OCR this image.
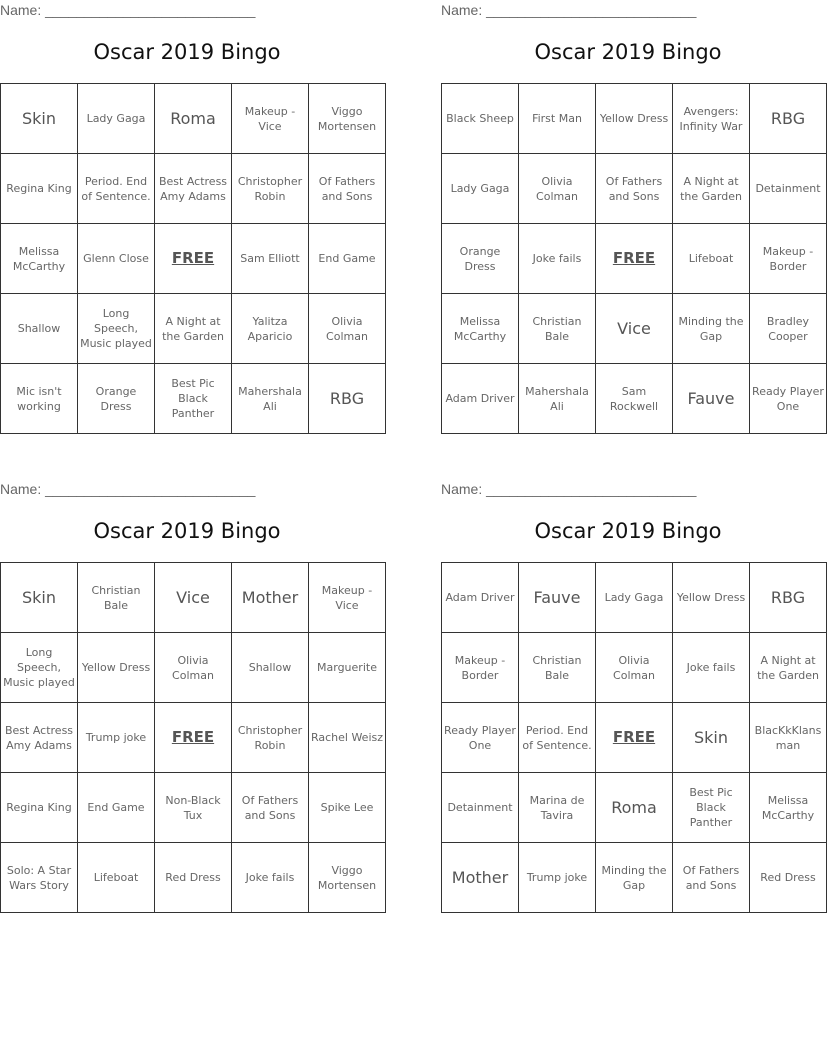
Name: ___________________________
Oscar 2019 Bingo
Skin	Lady Gaga	Roma	Makeup - Vice	Viggo Mortensen
Regina King	Period. End of Sentence.	Best Actress Amy Adams	Christopher Robin	Of Fathers and Sons
Melissa McCarthy	Glenn Close	FREE	Sam Elliott	End Game
Shallow	Long Speech, Music played	A Night at the Garden	Yalitza Aparicio	Olivia Colman
Mic isn't working	Orange Dress	Best Pic Black Panther	Mahershala Ali	RBG
Name: ___________________________
Oscar 2019 Bingo
Black Sheep	First Man	Yellow Dress	Avengers: Infinity War	RBG
Lady Gaga	Olivia Colman	Of Fathers and Sons	A Night at the Garden	Detainment
Orange Dress	Joke fails	FREE	Lifeboat	Makeup - Border
Melissa McCarthy	Christian Bale	Vice	Minding the Gap	Bradley Cooper
Adam Driver	Mahershala Ali	Sam Rockwell	Fauve	Ready Player One
Name: ___________________________
Oscar 2019 Bingo
Skin	Christian Bale	Vice	Mother	Makeup - Vice
Long Speech, Music played	Yellow Dress	Olivia Colman	Shallow	Marguerite
Best Actress Amy Adams	Trump joke	FREE	Christopher Robin	Rachel Weisz
Regina King	End Game	Non-Black Tux	Of Fathers and Sons	Spike Lee
Solo: A Star Wars Story	Lifeboat	Red Dress	Joke fails	Viggo Mortensen
Name: ___________________________
Oscar 2019 Bingo
Adam Driver	Fauve	Lady Gaga	Yellow Dress	RBG
Makeup - Border	Christian Bale	Olivia Colman	Joke fails	A Night at the Garden
Ready Player One	Period. End of Sentence.	FREE	Skin	BlacKkKlansman
Detainment	Marina de Tavira	Roma	Best Pic Black Panther	Melissa McCarthy
Mother	Trump joke	Minding the Gap	Of Fathers and Sons	Red Dress
